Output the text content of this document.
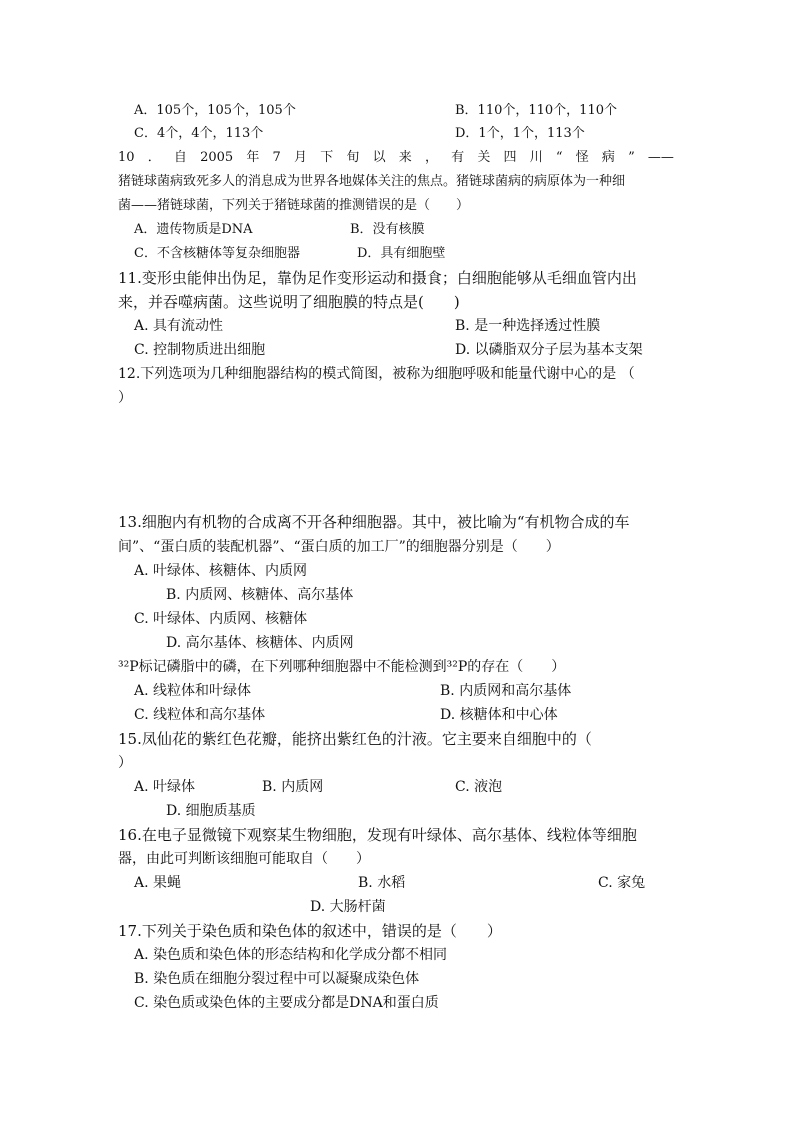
A．105个，105个，105个	B．110个，110个，110个
C．4个，4个，113个	D．1个，1个，113个
10 ． 自 2005 年 7 月 下 旬 以 来 ， 有 关 四 川 “ 怪 病 ” ——
猪链球菌病致死多人的消息成为世界各地媒体关注的焦点。猪链球菌病的病原体为一种细
菌——猪链球菌，下列关于猪链球菌的推测错误的是（　　）
A．遗传物质是DNA	B．没有核膜
C．不含核糖体等复杂细胞器	D．具有细胞壁
11.变形虫能伸出伪足，靠伪足作变形运动和摄食；白细胞能够从毛细血管内出
来，并吞噬病菌。这些说明了细胞膜的特点是(　　)
A. 具有流动性	B. 是一种选择透过性膜
C. 控制物质进出细胞	D. 以磷脂双分子层为基本支架
12.下列选项为几种细胞器结构的模式简图，被称为细胞呼吸和能量代谢中心的是 （
）
13.细胞内有机物的合成离不开各种细胞器。其中，被比喻为“有机物合成的车
间”、“蛋白质的装配机器”、“蛋白质的加工厂”的细胞器分别是（　　）
A. 叶绿体、核糖体、内质网
B. 内质网、核糖体、高尔基体
C. 叶绿体、内质网、核糖体
D. 高尔基体、核糖体、内质网
³²P标记磷脂中的磷，在下列哪种细胞器中不能检测到³²P的存在（　　）
A. 线粒体和叶绿体	B. 内质网和高尔基体
C. 线粒体和高尔基体	D. 核糖体和中心体
15.凤仙花的紫红色花瓣，能挤出紫红色的汁液。它主要来自细胞中的（
）
A. 叶绿体	B. 内质网	C. 液泡
D. 细胞质基质
16.在电子显微镜下观察某生物细胞，发现有叶绿体、高尔基体、线粒体等细胞
器，由此可判断该细胞可能取自（　　）
A. 果蝇	B. 水稻	C. 家兔
D. 大肠杆菌
17.下列关于染色质和染色体的叙述中，错误的是（　　）
A. 染色质和染色体的形态结构和化学成分都不相同
B. 染色质在细胞分裂过程中可以凝聚成染色体
C. 染色质或染色体的主要成分都是DNA和蛋白质
